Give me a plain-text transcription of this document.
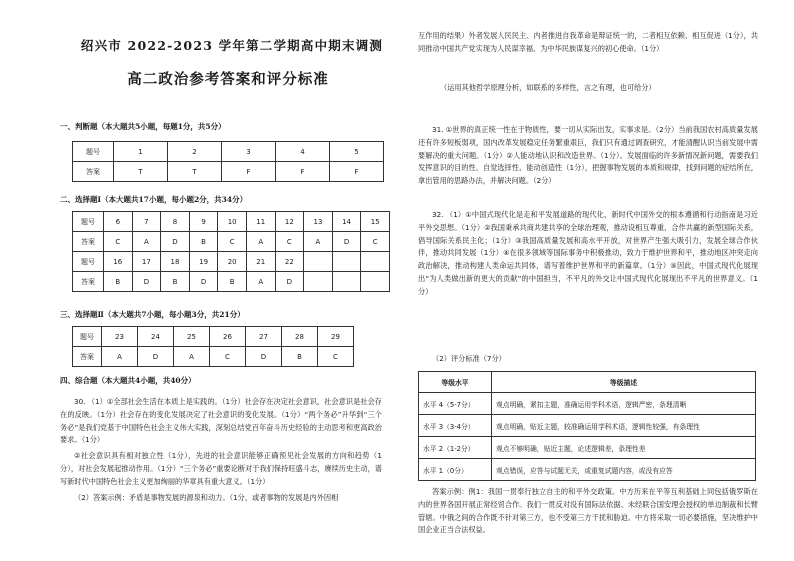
绍兴市 2022-2023 学年第二学期高中期末调测
高二政治参考答案和评分标准
一、判断题（本大题共5小题，每题1分，共5分）
题号	1	2	3	4	5
答案	T	T	F	F	F
二、选择题Ⅰ（本大题共17小题，每小题2分，共34分）
题号	6	7	8	9	10	11	12	13	14	15
答案	C	A	D	B	C	A	C	A	D	C
题号	16	17	18	19	20	21	22			
答案	B	D	B	D	B	A	D			
三、选择题Ⅱ（本大题共7小题，每小题3分，共21分）
题号	23	24	25	26	27	28	29
答案	A	D	A	C	D	B	C
四、综合题（本大题共4小题，共40分）

30. （1）①全部社会生活在本质上是实践的。（1分）社会存在决定社会意识，社会意识是社会存在的反映。（1分）社会存在的变化发展决定了社会意识的变化发展。（1分）“两个务必”升华到“三个务必”是我们党基于中国特色社会主义伟大实践，深刻总结党百年奋斗历史经验的主动思考和更高政治要求。（1分）

②社会意识具有相对独立性（1分），先进的社会意识能够正确预见社会发展的方向和趋势（1分），对社会发展起推动作用。（1分）“三个务必”重要论断对于我们保持旺盛斗志，赓续历史主动，谱写新时代中国特色社会主义更加绚丽的华章具有重大意义。（1分）

（2）答案示例：矛盾是事物发展的源泉和动力。（1分，或者事物的发展是内外因相

互作用的结果）外者发展人民民主、内者推进自我革命是辩证统一的，二者相互依赖、相互促进（1分），共同推动中国共产党实现为人民谋幸福、为中华民族谋复兴的初心使命。（1分）

（运用其他哲学原理分析，如联系的多样性，言之有理，也可给分）

31. ①世界的真正统一性在于物质性，要一切从实际出发，实事求是。（2分）当前我国农村高质量发展还有许多短板弱项，国内改革发展稳定任务繁重艰巨，我们只有通过调查研究，才能清醒认识当前发展中需要解决的重大问题。（1分）②人能动地认识和改造世界。（1分）。发展面临的许多新情况新问题，需要我们发挥意识的目的性、自觉选择性、能动创造性（1分），把握事物发展的本质和规律，找到问题的症结所在，拿出管用的思路办法，并解决问题。（2分）

32. （1）①中国式现代化是走和平发展道路的现代化，新时代中国外交的根本遵循和行动指南是习近平外交思想。（1分）②我国秉承共商共建共享的全球治理观，推动设相互尊重、合作共赢的新型国际关系，倡导国际关系民主化；（1分）③我国高质量发展和高水平开放，对世界产生强大吸引力，发展全球合作伙伴，推动共同发展（1分）④在很多领域等国际事务中积极推动，致力于维护世界和平，推动地区冲突走向政治解决，推动构建人类命运共同体，谱写着维护世界和平的新篇章。（1分）⑤因此，中国式现代化展现出“为人类做出新的更大的贡献”的中国担当，不平凡的外交让中国式现代化展现出不平凡的世界意义。（1分）

（2）评分标准（7分）

等级水平	等级描述
水平 4（5-7分）	观点明确，紧扣主题，准确运用学科术语，逻辑严密，条理清晰
水平 3（3-4分）	观点明确，贴近主题，较准确运用学科术语，逻辑性较强，有条理性
水平 2（1-2分）	观点不够明确，贴近主题，论述逻辑差，条理性差
水平 1（0分）	观点错误，应答与试题无关，或重复试题内容，或没有应答

答案示例：例1：我国一贯奉行独立自主的和平外交政策。中方历来在平等互利基础上同包括俄罗斯在内的世界各国开展正常经贸合作。我们一贯反对没有国际法依据、未经联合国安理会授权的单边制裁和长臂管辖。中俄之间的合作既不针对第三方，也不受第三方干扰和胁迫。中方将采取一切必要措施，坚决维护中国企业正当合法权益。
